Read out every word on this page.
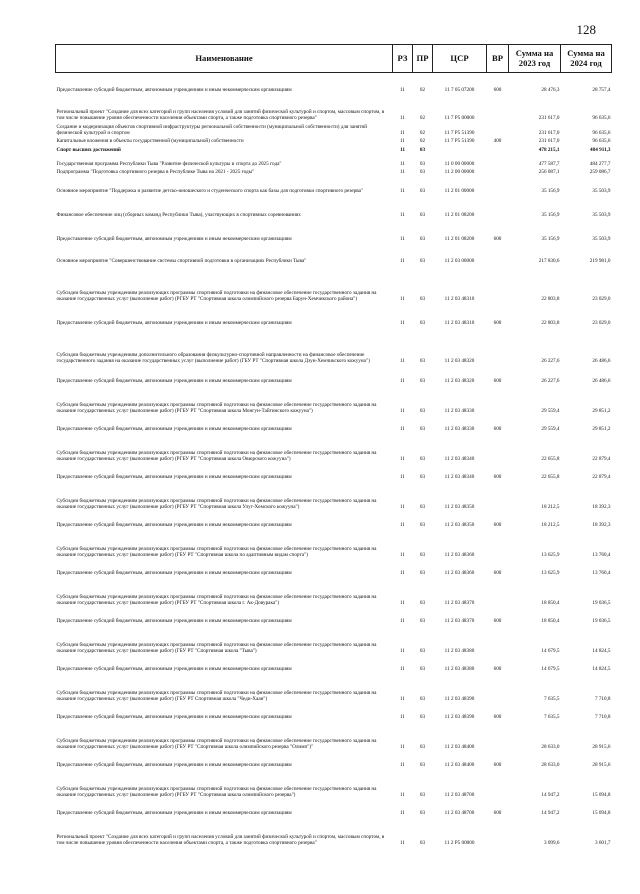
128
Наименование	РЗ	ПР	ЦСР	ВР	Сумма на 2023 год	Сумма на 2024 год
Предоставление субсидий бюджетным, автономным учреждениям и иным некоммерческим организациям	11	02	11 7 05 07200	600	28 476,3	28 757,4
Региональный проект "Создание для всех категорий и групп населения условий для занятий физической культурой и спортом, массовым спортом, в том числе повышение уровня обеспеченности населения объектами спорта, а также подготовка спортивного резерва"	11	02	11 7 P5 00000		231 617,0	96 635,6
Создание и модернизация объектов спортивной инфраструктуры региональной собственности (муниципальной собственности) для занятий физической культурой и спортом	11	02	11 7 P5 51390		231 617,0	96 635,6
Капитальные вложения в объекты государственной (муниципальной) собственности	11	02	11 7 P5 51390	400	231 617,0	96 635,6
Спорт высших достижений	11	03			478 215,1	484 911,3
Государственная программа Республики Тыва "Развитие физической культуры и спорта до 2025 года"	11	03	11 0 00 00000		477 587,7	484 277,7
Подпрограмма "Подготовка спортивного резерва в Республике Тыва на 2021 - 2025 годы"	11	03	11 2 00 00000		256 087,1	259 086,7
Основное мероприятие "Поддержка и развитие детско-юношеского и студенческого спорта как базы для подготовки спортивного резерва"	11	03	11 2 01 00000		35 156,9	35 503,9
Финансовое обеспечение лиц (сборных команд Республики Тыва), участвующих в спортивных соревнованиях	11	03	11 2 01 08200		35 156,9	35 503,9
Предоставление субсидий бюджетным, автономным учреждениям и иным некоммерческим организациям	11	03	11 2 01 08200	600	35 156,9	35 503,9
Основное мероприятие "Совершенствование системы спортивной подготовки в организациях Республики Тыва"	11	03	11 2 03 00000		217 830,6	219 981,0
Субсидии бюджетным учреждениям реализующих программы спортивной подготовки на финансовое обеспечение государственного задания на оказание государственных услуг (выполнение работ) (РГБУ РТ "Спортивная школа олимпийского резерва Барун-Хемчикского района")	11	03	11 2 03 48310		22 803,8	23 029,0
Предоставление субсидий бюджетным, автономным учреждениям и иным некоммерческим организациям	11	03	11 2 03 48310	600	22 803,8	23 029,0
Субсидии бюджетным учреждениям дополнительного образования физкультурно-спортивной направленности на финансовое обеспечение государственного задания на оказание государственных услуг (выполнение работ) (ГБУ РТ "Спортивная школа Дзун-Хемчикского кожууна")	11	03	11 2 03 48320		26 227,6	26 486,6
Предоставление субсидий бюджетным, автономным учреждениям и иным некоммерческим организациям	11	03	11 2 03 48320	600	26 227,6	26 486,6
Субсидии бюджетным учреждениям реализующих программы спортивной подготовки на финансовое обеспечение государственного задания на оказание государственных услуг (выполнение работ) (РГБУ РТ "Спортивная школа Монгун-Тайгинского кожууна")	11	03	11 2 03 48330		29 559,4	29 851,2
Предоставление субсидий бюджетным, автономным учреждениям и иным некоммерческим организациям	11	03	11 2 03 48330	600	29 559,4	29 851,2
Субсидии бюджетным учреждениям реализующих программы спортивной подготовки на финансовое обеспечение государственного задания на оказание государственных услуг (выполнение работ) (РГБУ РТ "Спортивная школа Овюрского кожууна")	11	03	11 2 03 48340		22 655,8	22 879,4
Предоставление субсидий бюджетным, автономным учреждениям и иным некоммерческим организациям	11	03	11 2 03 48340	600	22 655,8	22 879,4
Субсидии бюджетным учреждениям реализующих программы спортивной подготовки на финансовое обеспечение государственного задания на оказание государственных услуг (выполнение работ) (РГБУ РТ "Спортивная школа Улуг-Хемского кожууна")	11	03	11 2 03 48350		18 212,5	18 392,3
Предоставление субсидий бюджетным, автономным учреждениям и иным некоммерческим организациям	11	03	11 2 03 48350	600	18 212,5	18 392,3
Субсидии бюджетным учреждениям реализующих программы спортивной подготовки на финансовое обеспечение государственного задания на оказание государственных услуг (выполнение работ) (ГБУ РТ "Спортивная школа по адаптивным видам спорта")	11	03	11 2 03 48360		13 625,9	13 760,4
Предоставление субсидий бюджетным, автономным учреждениям и иным некоммерческим организациям	11	03	11 2 03 48360	600	13 625,9	13 760,4
Субсидии бюджетным учреждениям реализующих программы спортивной подготовки на финансовое обеспечение государственного задания на оказание государственных услуг (выполнение работ) (РГБУ РТ "Спортивная школа г. Ак-Довурака")	11	03	11 2 03 48370		18 850,4	19 036,5
Предоставление субсидий бюджетным, автономным учреждениям и иным некоммерческим организациям	11	03	11 2 03 48370	600	18 850,4	19 036,5
Субсидии бюджетным учреждениям реализующих программы спортивной подготовки на финансовое обеспечение государственного задания на оказание государственных услуг (выполнение работ) (ГБУ РТ "Спортивная школа "Тыва")	11	03	11 2 03 48380		14 679,5	14 824,5
Предоставление субсидий бюджетным, автономным учреждениям и иным некоммерческим организациям	11	03	11 2 03 48380	600	14 679,5	14 824,5
Субсидии бюджетным учреждениям реализующих программы спортивной подготовки на финансовое обеспечение государственного задания на оказание государственных услуг (выполнение работ) (ГБУ РТ Спортивная школа "Чеди-Хаан")	11	03	11 2 03 48390		7 635,5	7 710,8
Предоставление субсидий бюджетным, автономным учреждениям и иным некоммерческим организациям	11	03	11 2 03 48390	600	7 635,5	7 710,8
Субсидии бюджетным учреждениям реализующих программы спортивной подготовки на финансовое обеспечение государственного задания на оказание государственных услуг (выполнение работ) (ГБУ РТ "Спортивная школа олимпийского резерва "Олимп")"	11	03	11 2 03 48400		28 633,0	28 915,6
Предоставление субсидий бюджетным, автономным учреждениям и иным некоммерческим организациям	11	03	11 2 03 48400	600	28 633,0	28 915,6
Субсидии бюджетным учреждениям реализующих программы спортивной подготовки на финансовое обеспечение государственного задания на оказание государственных услуг (выполнение работ) (РГБУ РТ "Спортивная школа олимпийского резерва")	11	03	11 2 03 48700		14 947,2	15 094,8
Предоставление субсидий бюджетным, автономным учреждениям и иным некоммерческим организациям	11	03	11 2 03 48700	600	14 947,2	15 094,8
Региональный проект "Создание для всех категорий и групп населения условий для занятий физической культурой и спортом, массовым спортом, в том числе повышение уровня обеспеченности населения объектами спорта, а также подготовка спортивного резерва"	11	03	11 2 P5 00000		3 099,6	3 601,7
